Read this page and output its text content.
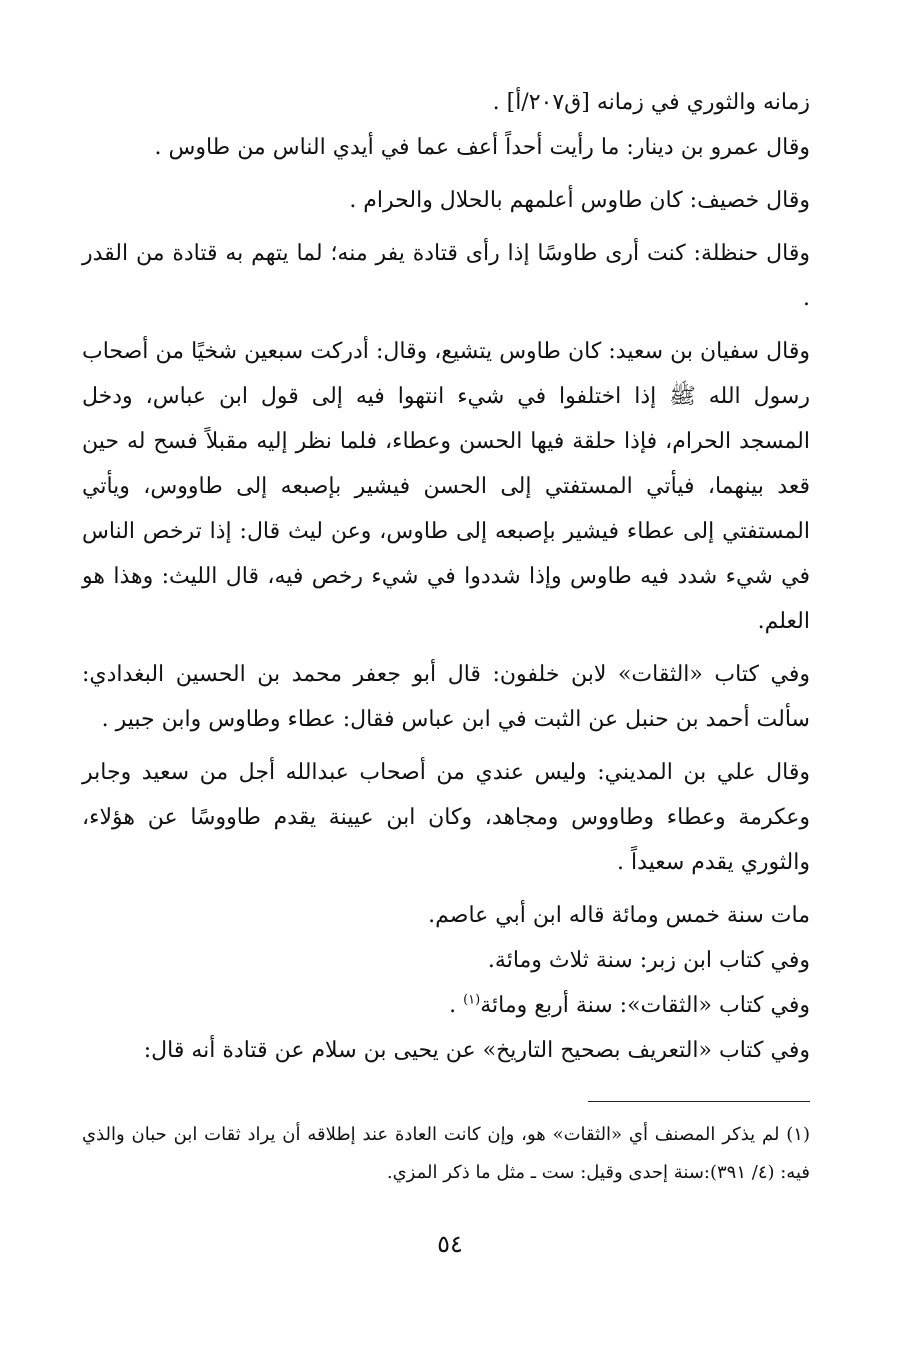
زمانه والثوري في زمانه [ق٢٠٧/أ] .

وقال عمرو بن دينار: ما رأيت أحداً أعف عما في أيدي الناس من طاوس .

وقال خصيف: كان طاوس أعلمهم بالحلال والحرام .

وقال حنظلة: كنت أرى طاوسًا إذا رأى قتادة يفر منه؛ لما يتهم به قتادة من القدر .

وقال سفيان بن سعيد: كان طاوس يتشيع، وقال: أدركت سبعين شخيًا من أصحاب رسول الله ﷺ إذا اختلفوا في شيء انتهوا فيه إلى قول ابن عباس، ودخل المسجد الحرام، فإذا حلقة فيها الحسن وعطاء، فلما نظر إليه مقبلاً فسح له حين قعد بينهما، فيأتي المستفتي إلى الحسن فيشير بإصبعه إلى طاووس، ويأتي المستفتي إلى عطاء فيشير بإصبعه إلى طاوس، وعن ليث قال: إذا ترخص الناس في شيء شدد فيه طاوس وإذا شددوا في شيء رخص فيه، قال الليث: وهذا هو العلم.

وفي كتاب «الثقات» لابن خلفون: قال أبو جعفر محمد بن الحسين البغدادي: سألت أحمد بن حنبل عن الثبت في ابن عباس فقال: عطاء وطاوس وابن جبير .

وقال علي بن المديني: وليس عندي من أصحاب عبدالله أجل من سعيد وجابر وعكرمة وعطاء وطاووس ومجاهد، وكان ابن عيينة يقدم طاووسًا عن هؤلاء، والثوري يقدم سعيداً .

مات سنة خمس ومائة قاله ابن أبي عاصم.

وفي كتاب ابن زبر: سنة ثلاث ومائة.

وفي كتاب «الثقات»: سنة أربع ومائة$^{(١)}$ .

وفي كتاب «التعريف بصحيح التاريخ» عن يحيى بن سلام عن قتادة أنه قال:

(١) لم يذكر المصنف أي «الثقات» هو، وإن كانت العادة عند إطلاقه أن يراد ثقات ابن حبان والذي فيه: (٤/ ٣٩١):سنة إحدى وقيل: ست ـ مثل ما ذكر المزي.

٥٤
